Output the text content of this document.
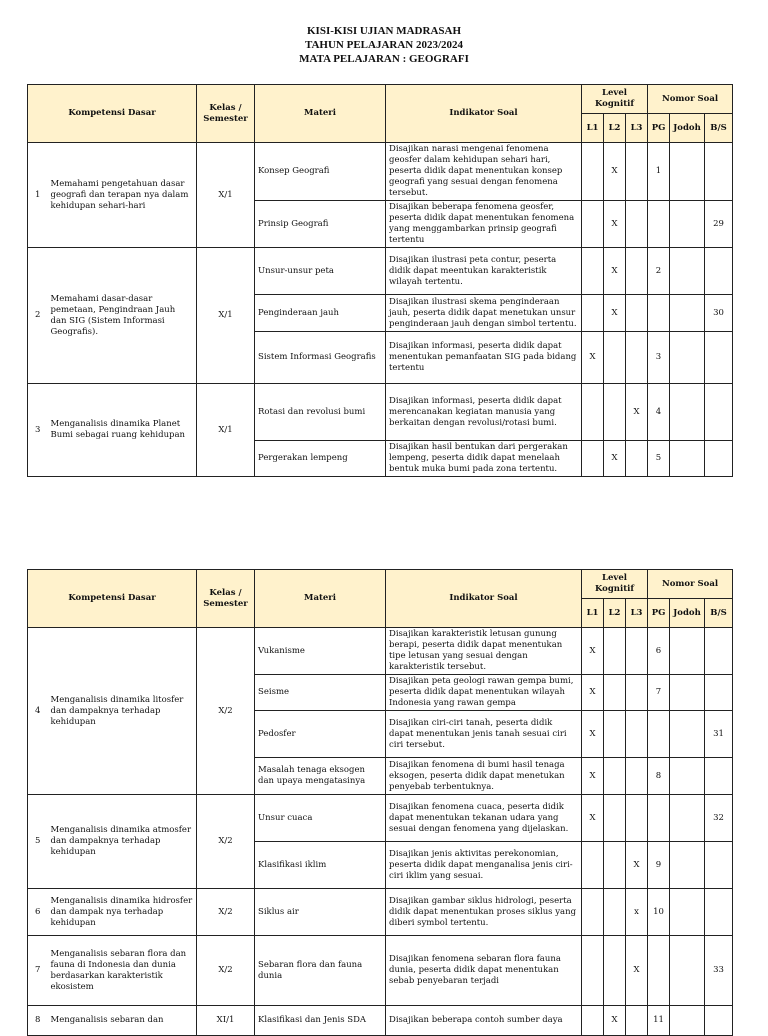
KISI-KISI UJIAN MADRASAH
TAHUN PELAJARAN 2023/2024
MATA PELAJARAN : GEOGRAFI
Kompetensi Dasar		Kelas / Semester	Materi	Indikator Soal	Level Kognitif			Nomor Soal		
					L1	L2	L3	PG	Jodoh	B/S
1	Memahami pengetahuan dasar geografi dan terapan nya dalam kehidupan sehari-hari	X/1	Konsep Geografi	Disajikan narasi mengenai fenomena geosfer dalam kehidupan sehari hari, peserta didik dapat menentukan konsep geografi yang sesuai dengan fenomena tersebut.		X		1		
			Prinsip Geografi	Disajikan beberapa fenomena geosfer, peserta didik dapat menentukan fenomena yang menggambarkan prinsip geografi tertentu		X				29
2	Memahami dasar-dasar pemetaan, Pengindraan Jauh dan SIG (Sistem Informasi Geografis).	X/1	Unsur-unsur peta	Disajikan ilustrasi peta contur, peserta didik dapat meentukan karakteristik wilayah tertentu.		X		2		
			Penginderaan jauh	Disajikan ilustrasi skema penginderaan jauh, peserta didik dapat menetukan unsur penginderaan jauh dengan simbol tertentu.		X				30
			Sistem Informasi Geografis	Disajikan informasi, peserta didik dapat menentukan pemanfaatan SIG pada bidang tertentu	X			3		
3	Menganalisis dinamika Planet Bumi sebagai ruang kehidupan	X/1	Rotasi dan revolusi bumi	Disajikan informasi, peserta didik dapat merencanakan kegiatan manusia yang berkaitan dengan revolusi/rotasi bumi.			X	4		
			Pergerakan lempeng	Disajikan hasil bentukan dari pergerakan lempeng, peserta didik dapat menelaah bentuk muka bumi pada zona tertentu.		X		5		
Kompetensi Dasar		Kelas / Semester	Materi	Indikator Soal	Level Kognitif			Nomor Soal		
					L1	L2	L3	PG	Jodoh	B/S
4	Menganalisis dinamika litosfer dan dampaknya terhadap kehidupan	X/2	Vukanisme	Disajikan karakteristik letusan gunung berapi, peserta didik dapat menentukan tipe letusan yang sesuai dengan karakteristik tersebut.	X			6		
			Seisme	Disajikan peta geologi rawan gempa bumi, peserta didik dapat menentukan wilayah Indonesia yang rawan gempa	X			7		
			Pedosfer	Disajikan ciri-ciri tanah, peserta didik dapat menentukan jenis tanah sesuai ciri ciri tersebut.	X					31
			Masalah tenaga eksogen dan upaya mengatasinya	Disajikan fenomena di bumi hasil tenaga eksogen, peserta didik dapat menetukan penyebab terbentuknya.	X			8		
5	Menganalisis dinamika atmosfer dan dampaknya terhadap kehidupan	X/2	Unsur cuaca	Disajikan fenomena cuaca, peserta didik dapat menentukan tekanan udara yang sesuai dengan fenomena yang dijelaskan.	X					32
			Klasifikasi iklim	Disajikan jenis aktivitas perekonomian, peserta didik dapat menganalisa jenis ciri-ciri iklim yang sesuai.			X	9		
6	Menganalisis dinamika hidrosfer dan dampak nya terhadap kehidupan	X/2	Siklus air	Disajikan gambar siklus hidrologi, peserta didik dapat menentukan proses siklus yang diberi symbol tertentu.			x	10		
7	Menganalisis sebaran flora dan fauna di Indonesia dan dunia berdasarkan karakteristik ekosistem	X/2	Sebaran flora dan fauna dunia	Disajikan fenomena sebaran flora fauna dunia, peserta didik dapat menentukan sebab penyebaran terjadi			X			33
8	Menganalisis sebaran dan	XI/1	Klasifikasi dan Jenis SDA	Disajikan beberapa contoh sumber daya		X		11		
